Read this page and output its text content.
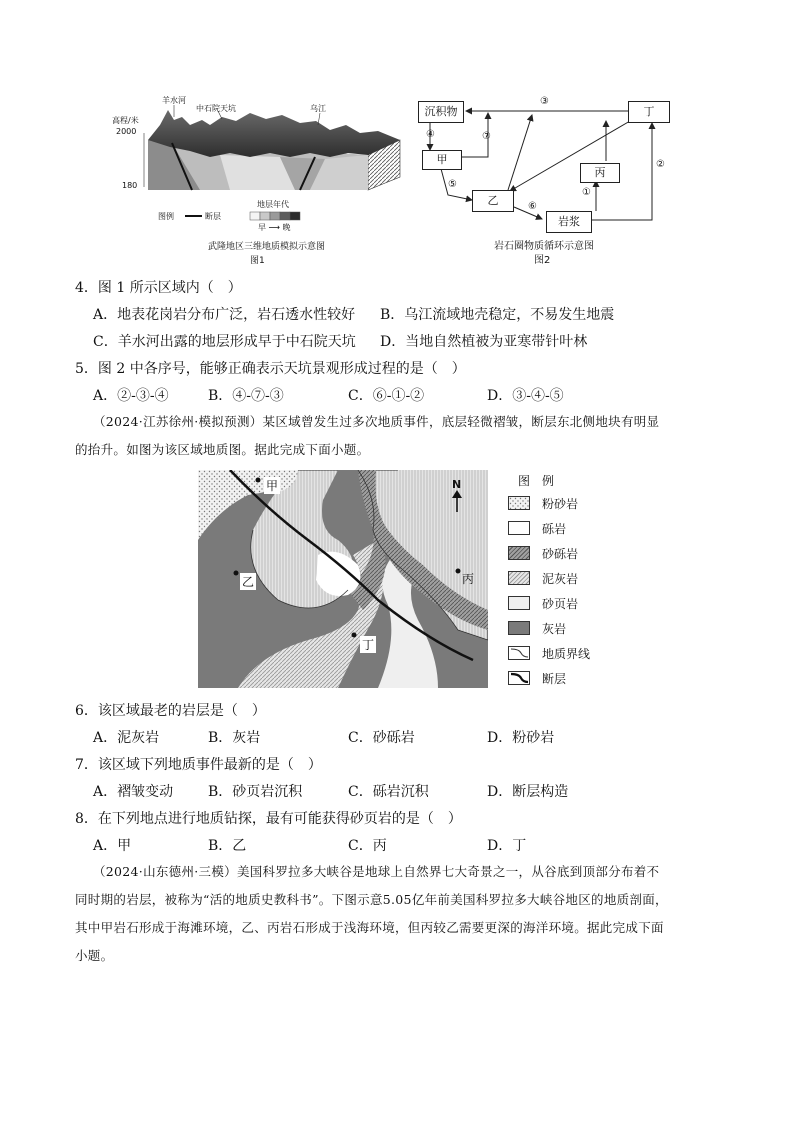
羊水河
中石院天坑	乌江
高程/米
2000
180
图例	断层
地层年代
早 ⟶ 晚
武隆地区三维地质模拟示意图
图1
沉积物	丁
甲
丙
乙
岩浆
③
④	⑦
⑤
⑥
①
②
岩石圈物质循环示意图
图2
4．图 1 所示区域内（　）
A．地表花岗岩分布广泛，岩石透水性较好 B．乌江流域地壳稳定，不易发生地震
C．羊水河出露的地层形成早于中石院天坑 D．当地自然植被为亚寒带针叶林
5．图 2 中各序号，能够正确表示天坑景观形成过程的是（　）
A．②-③-④	B．④-⑦-③	C．⑥-①-②	D．③-④-⑤
（2024·江苏徐州·模拟预测）某区域曾发生过多次地质事件，底层轻微褶皱，断层东北侧地块有明显
的抬升。如图为该区域地质图。据此完成下面小题。
甲
乙	丙
丁
N	图　例
粉砂岩
砾岩
砂砾岩
泥灰岩
砂页岩
灰岩
地质界线
断层
6．该区域最老的岩层是（　）
A．泥灰岩	B．灰岩	C．砂砾岩	D．粉砂岩
7．该区域下列地质事件最新的是（　）
A．褶皱变动 B．砂页岩沉积	C．砾岩沉积	D．断层构造
8．在下列地点进行地质钻探，最有可能获得砂页岩的是（　）
A．甲	B．乙	C．丙	D．丁
（2024·山东德州·三模）美国科罗拉多大峡谷是地球上自然界七大奇景之一，从谷底到顶部分布着不
同时期的岩层，被称为“活的地质史教科书”。下图示意5.05亿年前美国科罗拉多大峡谷地区的地质剖面，
其中甲岩石形成于海滩环境，乙、丙岩石形成于浅海环境，但丙较乙需要更深的海洋环境。据此完成下面
小题。
